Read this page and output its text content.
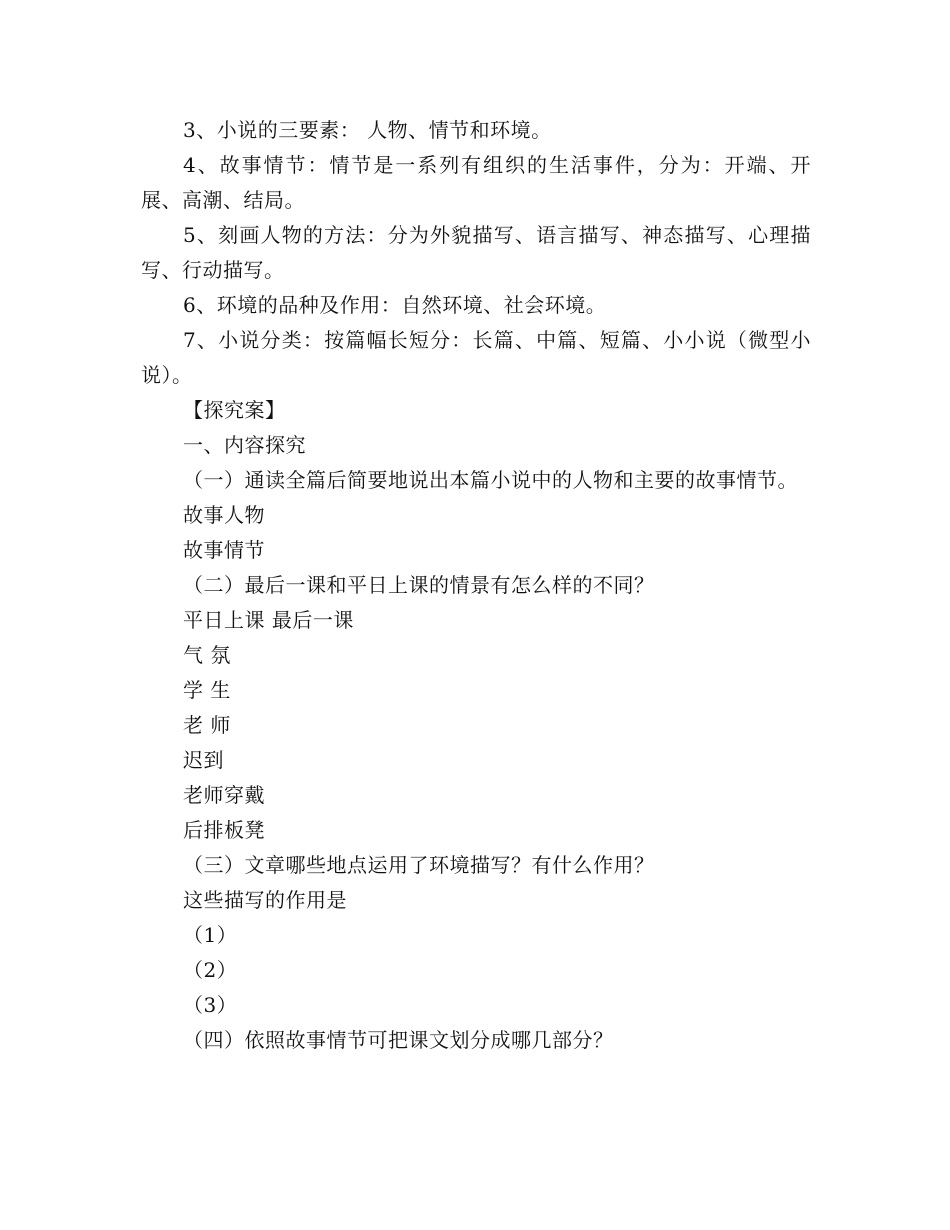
3、小说的三要素： 人物、情节和环境。

4、故事情节：情节是一系列有组织的生活事件，分为：开端、开展、高潮、结局。

5、刻画人物的方法：分为外貌描写、语言描写、神态描写、心理描写、行动描写。

6、环境的品种及作用：自然环境、社会环境。

7、小说分类：按篇幅长短分：长篇、中篇、短篇、小小说（微型小说）。

【探究案】

一、内容探究

（一）通读全篇后简要地说出本篇小说中的人物和主要的故事情节。

故事人物

故事情节

（二）最后一课和平日上课的情景有怎么样的不同？

平日上课 最后一课

气 氛

学 生

老 师

迟到

老师穿戴

后排板凳

（三）文章哪些地点运用了环境描写？有什么作用？

这些描写的作用是

（1）

（2）

（3）

（四）依照故事情节可把课文划分成哪几部分？
